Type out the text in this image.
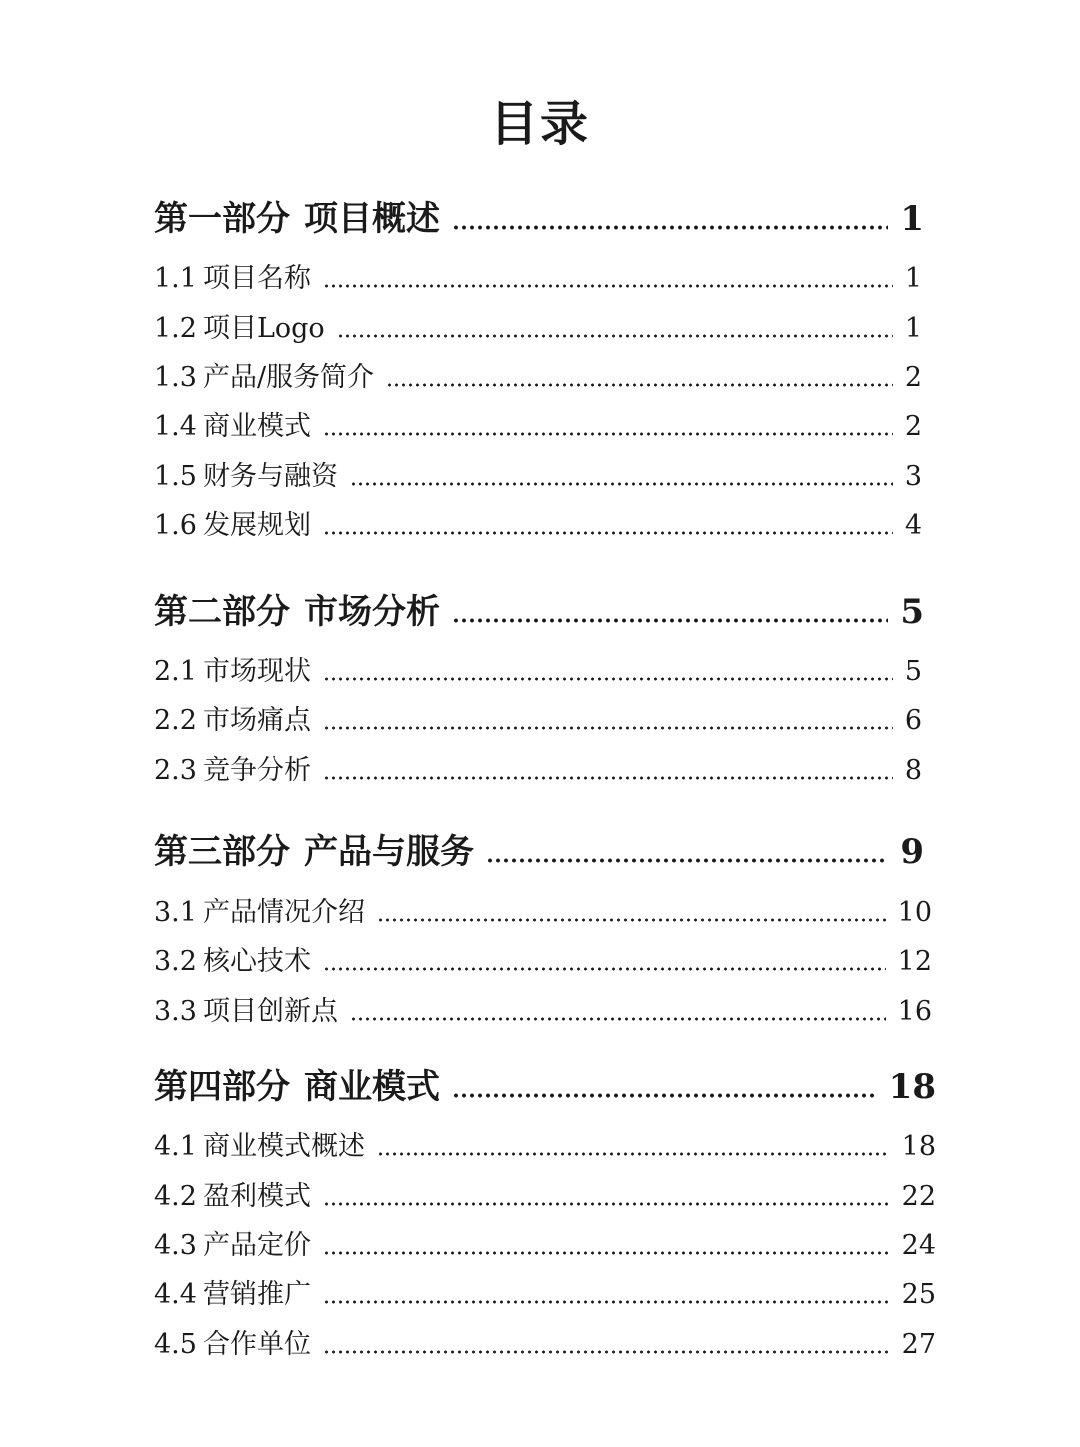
目录
第一部分 项目概述	1
1.1 项目名称	1
1.2 项目Logo	1
1.3 产品/服务简介	2
1.4 商业模式	2
1.5 财务与融资	3
1.6 发展规划	4
第二部分 市场分析	5
2.1 市场现状	5
2.2 市场痛点	6
2.3 竞争分析	8
第三部分 产品与服务	9
3.1 产品情况介绍	10
3.2 核心技术	12
3.3 项目创新点	16
第四部分 商业模式	18
4.1 商业模式概述	18
4.2 盈利模式	22
4.3 产品定价	24
4.4 营销推广	25
4.5 合作单位	27
